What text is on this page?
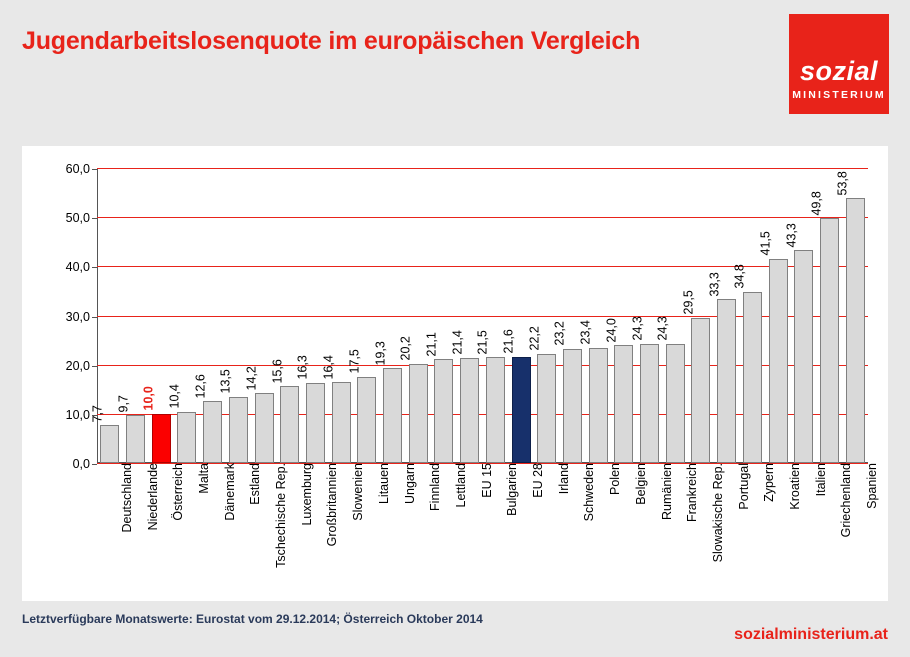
Jugendarbeitslosenquote im europäischen Vergleich
sozial
MINISTERIUM
0,0
10,0
20,0
30,0
40,0
50,0
60,0
7,7
Deutschland
9,7
Niederlande
10,0
Österreich
10,4
Malta
12,6
Dänemark
13,5
Estland
14,2
Tschechische Rep.
15,6
Luxemburg
16,3
Großbritannien
16,4
Slowenien
17,5
Litauen
19,3
Ungarn
20,2
Finnland
21,1
Lettland
21,4
EU 15
21,5
Bulgarien
21,6
EU 28
22,2
Irland
23,2
Schweden
23,4
Polen
24,0
Belgien
24,3
Rumänien
24,3
Frankreich
29,5
Slowakische Rep.
33,3
Portugal
34,8
Zypern
41,5
Kroatien
43,3
Italien
49,8
Griechenland
53,8
Spanien
Letztverfügbare Monatswerte: Eurostat vom 29.12.2014; Österreich Oktober 2014
sozialministerium.at
